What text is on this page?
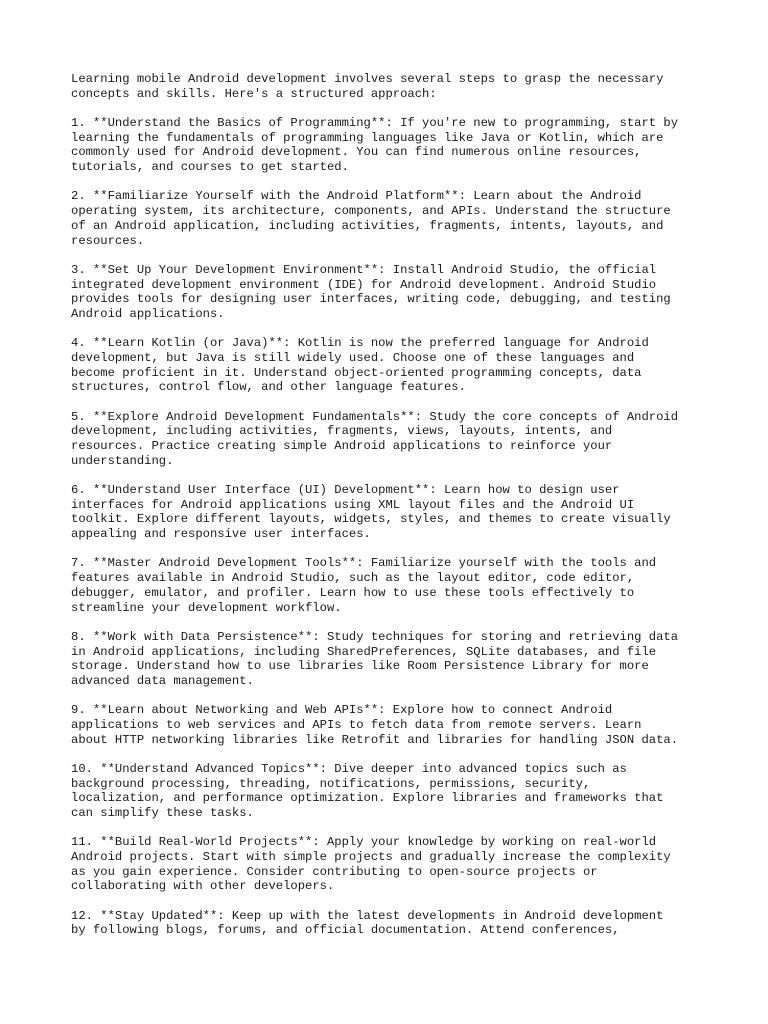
Learning mobile Android development involves several steps to grasp the necessary
concepts and skills. Here's a structured approach:

1. **Understand the Basics of Programming**: If you're new to programming, start by
learning the fundamentals of programming languages like Java or Kotlin, which are
commonly used for Android development. You can find numerous online resources,
tutorials, and courses to get started.

2. **Familiarize Yourself with the Android Platform**: Learn about the Android
operating system, its architecture, components, and APIs. Understand the structure
of an Android application, including activities, fragments, intents, layouts, and
resources.

3. **Set Up Your Development Environment**: Install Android Studio, the official
integrated development environment (IDE) for Android development. Android Studio
provides tools for designing user interfaces, writing code, debugging, and testing
Android applications.

4. **Learn Kotlin (or Java)**: Kotlin is now the preferred language for Android
development, but Java is still widely used. Choose one of these languages and
become proficient in it. Understand object-oriented programming concepts, data
structures, control flow, and other language features.

5. **Explore Android Development Fundamentals**: Study the core concepts of Android
development, including activities, fragments, views, layouts, intents, and
resources. Practice creating simple Android applications to reinforce your
understanding.

6. **Understand User Interface (UI) Development**: Learn how to design user
interfaces for Android applications using XML layout files and the Android UI
toolkit. Explore different layouts, widgets, styles, and themes to create visually
appealing and responsive user interfaces.

7. **Master Android Development Tools**: Familiarize yourself with the tools and
features available in Android Studio, such as the layout editor, code editor,
debugger, emulator, and profiler. Learn how to use these tools effectively to
streamline your development workflow.

8. **Work with Data Persistence**: Study techniques for storing and retrieving data
in Android applications, including SharedPreferences, SQLite databases, and file
storage. Understand how to use libraries like Room Persistence Library for more
advanced data management.

9. **Learn about Networking and Web APIs**: Explore how to connect Android
applications to web services and APIs to fetch data from remote servers. Learn
about HTTP networking libraries like Retrofit and libraries for handling JSON data.

10. **Understand Advanced Topics**: Dive deeper into advanced topics such as
background processing, threading, notifications, permissions, security,
localization, and performance optimization. Explore libraries and frameworks that
can simplify these tasks.

11. **Build Real-World Projects**: Apply your knowledge by working on real-world
Android projects. Start with simple projects and gradually increase the complexity
as you gain experience. Consider contributing to open-source projects or
collaborating with other developers.

12. **Stay Updated**: Keep up with the latest developments in Android development
by following blogs, forums, and official documentation. Attend conferences,
